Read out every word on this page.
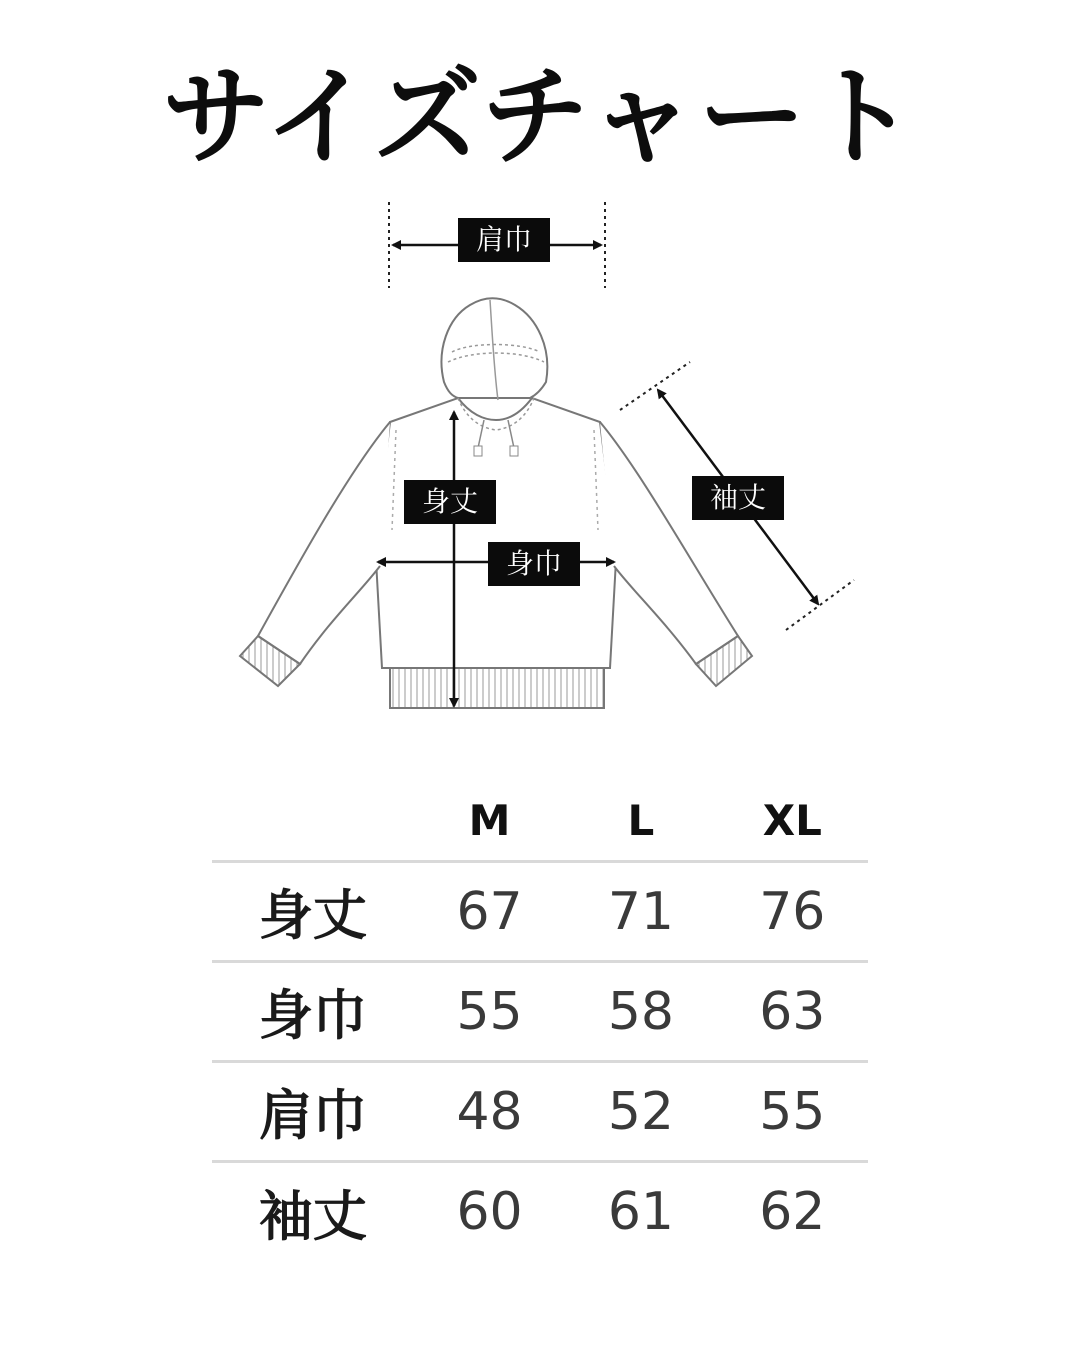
サイズチャート
肩巾
身丈
身巾
袖丈
	M	L	XL
身丈	67	71	76
身巾	55	58	63
肩巾	48	52	55
袖丈	60	61	62
